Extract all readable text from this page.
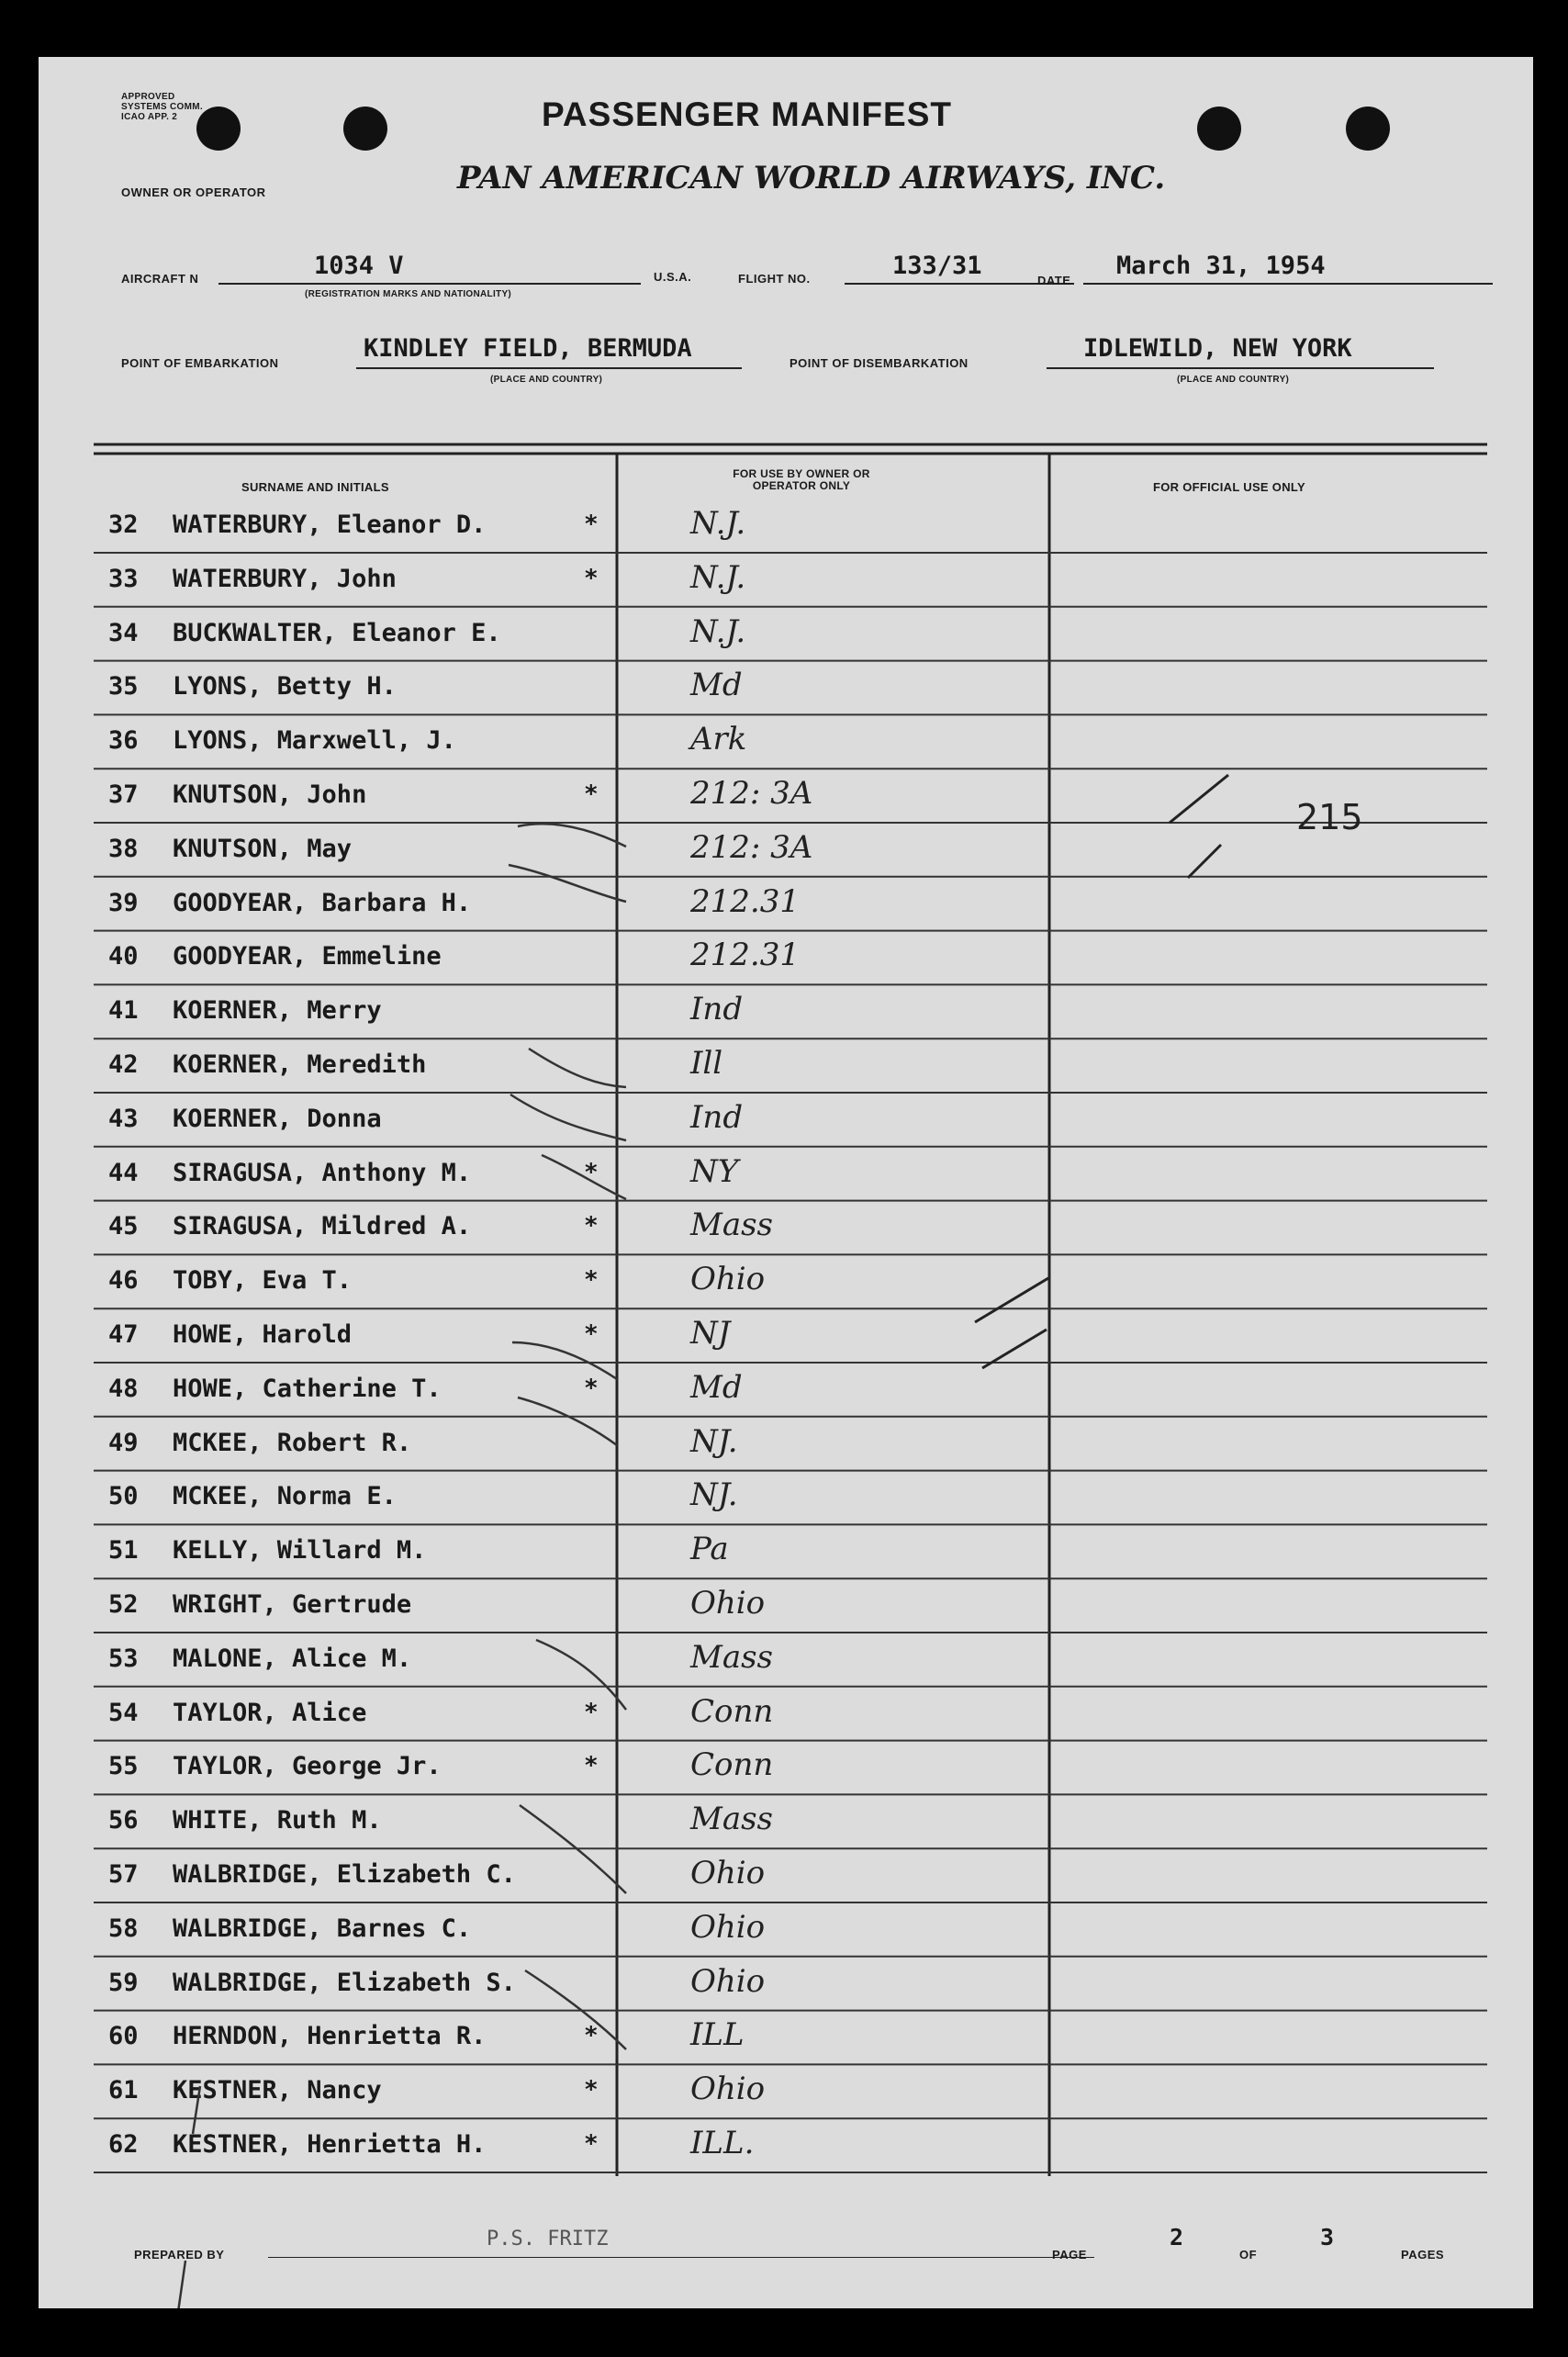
APPROVED
SYSTEMS COMM.
ICAO APP. 2	PASSENGER MANIFEST
OWNER OR OPERATOR	PAN AMERICAN WORLD AIRWAYS, INC.
AIRCRAFT N	1034 V
(REGISTRATION MARKS AND NATIONALITY)
U.S.A.	FLIGHT NO.	133/31
DATE
March 31, 1954
POINT OF EMBARKATION
KINDLEY FIELD, BERMUDA
(PLACE AND COUNTRY)
POINT OF DISEMBARKATION
IDLEWILD, NEW YORK
(PLACE AND COUNTRY)
SURNAME AND INITIALS
FOR USE BY OWNER OR OPERATOR ONLY	FOR OFFICIAL USE ONLY
32 WATERBURY, Eleanor D.	*	N.J.
33 WATERBURY, John	*	N.J.
34 BUCKWALTER, Eleanor E.	N.J.
35 LYONS, Betty H.	Md
36 LYONS, Marxwell, J.	Ark
37 KNUTSON, John	*	212: 3A
38 KNUTSON, May	212: 3A
39 GOODYEAR, Barbara H.	212.31
40 GOODYEAR, Emmeline	212.31
41 KOERNER, Merry	Ind
42 KOERNER, Meredith	Ill
43 KOERNER, Donna	Ind
44 SIRAGUSA, Anthony M.	*	NY
45 SIRAGUSA, Mildred A.	*	Mass
46 TOBY, Eva T.	*	Ohio
47 HOWE, Harold	*	NJ
48 HOWE, Catherine T.	*	Md
49 MCKEE, Robert R.	NJ.
50 MCKEE, Norma E.	NJ.
51 KELLY, Willard M.	Pa
52 WRIGHT, Gertrude	Ohio
53 MALONE, Alice M.	Mass
54 TAYLOR, Alice	*	Conn
55 TAYLOR, George Jr.	*	Conn
56 WHITE, Ruth M.	Mass
57 WALBRIDGE, Elizabeth C.	Ohio
58 WALBRIDGE, Barnes C.	Ohio
59 WALBRIDGE, Elizabeth S.	Ohio
60 HERNDON, Henrietta R.	*	ILL
61 KESTNER, Nancy	*	Ohio
62 KESTNER, Henrietta H.	*	ILL.
215
PREPARED BY
P.S. FRITZ
PAGE
2
OF
3
PAGES
